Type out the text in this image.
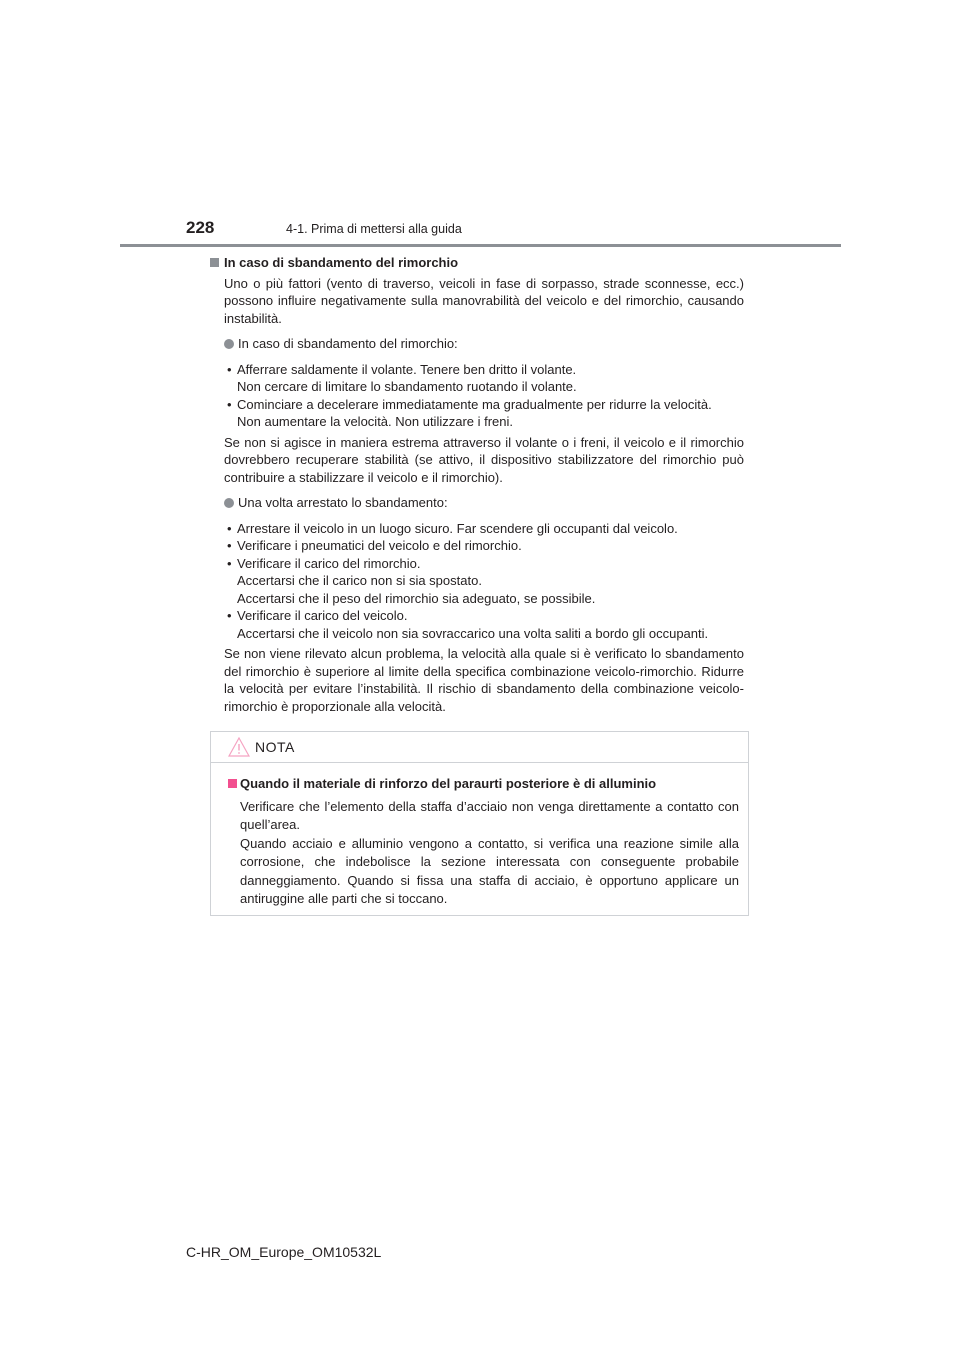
228	4-1. Prima di mettersi alla guida
In caso di sbandamento del rimorchio
Uno o più fattori (vento di traverso, veicoli in fase di sorpasso, strade sconnesse, ecc.) possono influire negativamente sulla manovrabilità del veicolo e del rimorchio, causando instabilità.
In caso di sbandamento del rimorchio:
• Afferrare saldamente il volante. Tenere ben dritto il volante.
Non cercare di limitare lo sbandamento ruotando il volante.
• Cominciare a decelerare immediatamente ma gradualmente per ridurre la velocità.
Non aumentare la velocità. Non utilizzare i freni.
Se non si agisce in maniera estrema attraverso il volante o i freni, il veicolo e il rimorchio dovrebbero recuperare stabilità (se attivo, il dispositivo stabilizzatore del rimorchio può contribuire a stabilizzare il veicolo e il rimorchio).
Una volta arrestato lo sbandamento:
• Arrestare il veicolo in un luogo sicuro. Far scendere gli occupanti dal veicolo.
• Verificare i pneumatici del veicolo e del rimorchio.
• Verificare il carico del rimorchio.
Accertarsi che il carico non si sia spostato.
Accertarsi che il peso del rimorchio sia adeguato, se possibile.
• Verificare il carico del veicolo.
Accertarsi che il veicolo non sia sovraccarico una volta saliti a bordo gli occupanti.
Se non viene rilevato alcun problema, la velocità alla quale si è verificato lo sbandamento del rimorchio è superiore al limite della specifica combinazione veicolo-rimorchio. Ridurre la velocità per evitare l’instabilità. Il rischio di sbandamento della combinazione veicolo-rimorchio è proporzionale alla velocità.
NOTA
Quando il materiale di rinforzo del paraurti posteriore è di alluminio
Verificare che l’elemento della staffa d’acciaio non venga direttamente a contatto con quell’area.
Quando acciaio e alluminio vengono a contatto, si verifica una reazione simile alla corrosione, che indebolisce la sezione interessata con conseguente probabile danneggiamento. Quando si fissa una staffa di acciaio, è opportuno applicare un antiruggine alle parti che si toccano.
C-HR_OM_Europe_OM10532L
